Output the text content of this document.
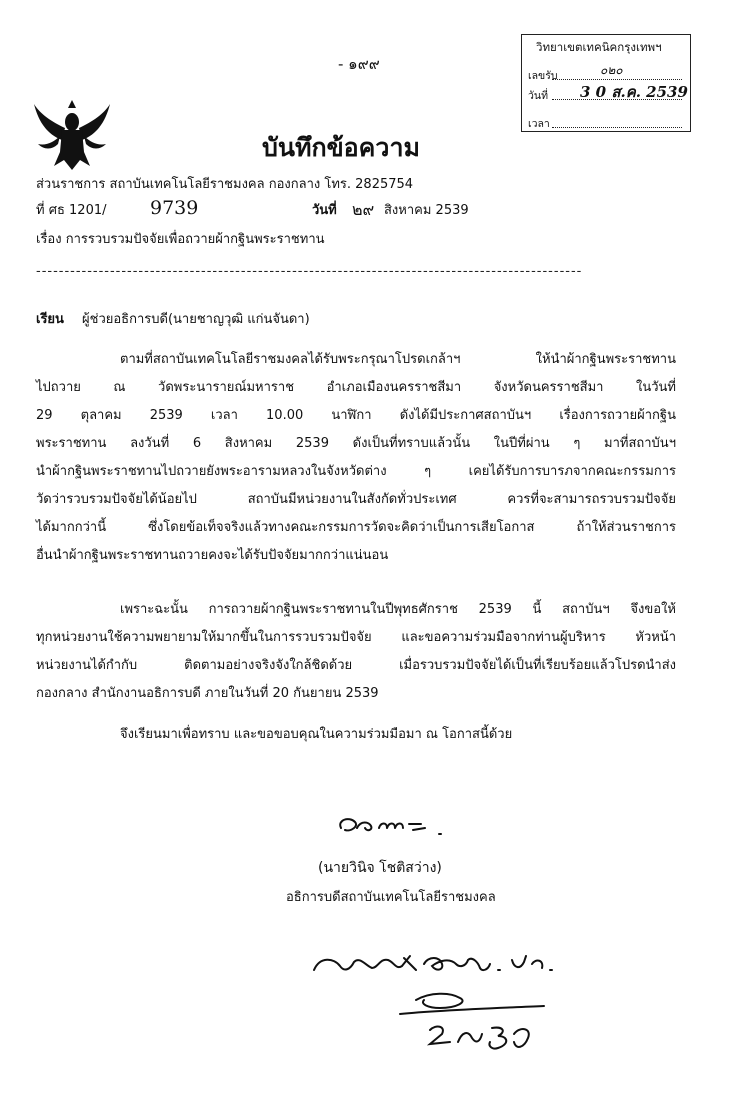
- ๑๙๙
วิทยาเขตเทคนิคกรุงเทพฯ
เลขรับ	๐๒๐
วันที่ 3 0 ส.ค. 2539
เวลา
บันทึกข้อความ
ส่วนราชการ สถาบันเทคโนโลยีราชมงคล กองกลาง โทร. 2825754
ที่ ศธ 1201/ 9739	วันที่ ๒๙ สิงหาคม 2539
เรื่อง การรวบรวมปัจจัยเพื่อถวายผ้ากฐินพระราชทาน
------------------------------------------------------------------------------------------------
เรียน ผู้ช่วยอธิการบดี(นายชาญวุฒิ แก่นจันดา)
ตามที่สถาบันเทคโนโลยีราชมงคลได้รับพระกรุณาโปรดเกล้าฯ ให้นำผ้ากฐินพระราชทาน
ไปถวาย ณ วัดพระนารายณ์มหาราช อำเภอเมืองนครราชสีมา จังหวัดนครราชสีมา ในวันที่
29 ตุลาคม 2539 เวลา 10.00 นาฬิกา ดังได้มีประกาศสถาบันฯ เรื่องการถวายผ้ากฐิน
พระราชทาน ลงวันที่ 6 สิงหาคม 2539 ดังเป็นที่ทราบแล้วนั้น ในปีที่ผ่าน ๆ มาที่สถาบันฯ
นำผ้ากฐินพระราชทานไปถวายยังพระอารามหลวงในจังหวัดต่าง ๆ เคยได้รับการบารภจากคณะกรรมการ
วัดว่ารวบรวมปัจจัยได้น้อยไป สถาบันมีหน่วยงานในสังกัดทั่วประเทศ ควรที่จะสามารถรวบรวมปัจจัย
ได้มากกว่านี้ ซึ่งโดยข้อเท็จจริงแล้วทางคณะกรรมการวัดจะคิดว่าเป็นการเสียโอกาส ถ้าให้ส่วนราชการ
อื่นนำผ้ากฐินพระราชทานถวายคงจะได้รับปัจจัยมากกว่าแน่นอน
เพราะฉะนั้น การถวายผ้ากฐินพระราชทานในปีพุทธศักราช 2539 นี้ สถาบันฯ จึงขอให้
ทุกหน่วยงานใช้ความพยายามให้มากขึ้นในการรวบรวมปัจจัย และขอความร่วมมือจากท่านผู้บริหาร หัวหน้า
หน่วยงานได้กำกับ ติดตามอย่างจริงจังใกล้ชิดด้วย เมื่อรวบรวมปัจจัยได้เป็นที่เรียบร้อยแล้วโปรดนำส่ง
กองกลาง สำนักงานอธิการบดี ภายในวันที่ 20 กันยายน 2539
จึงเรียนมาเพื่อทราบ และขอขอบคุณในความร่วมมือมา ณ โอกาสนี้ด้วย
(นายวินิจ โชติสว่าง)
อธิการบดีสถาบันเทคโนโลยีราชมงคล
